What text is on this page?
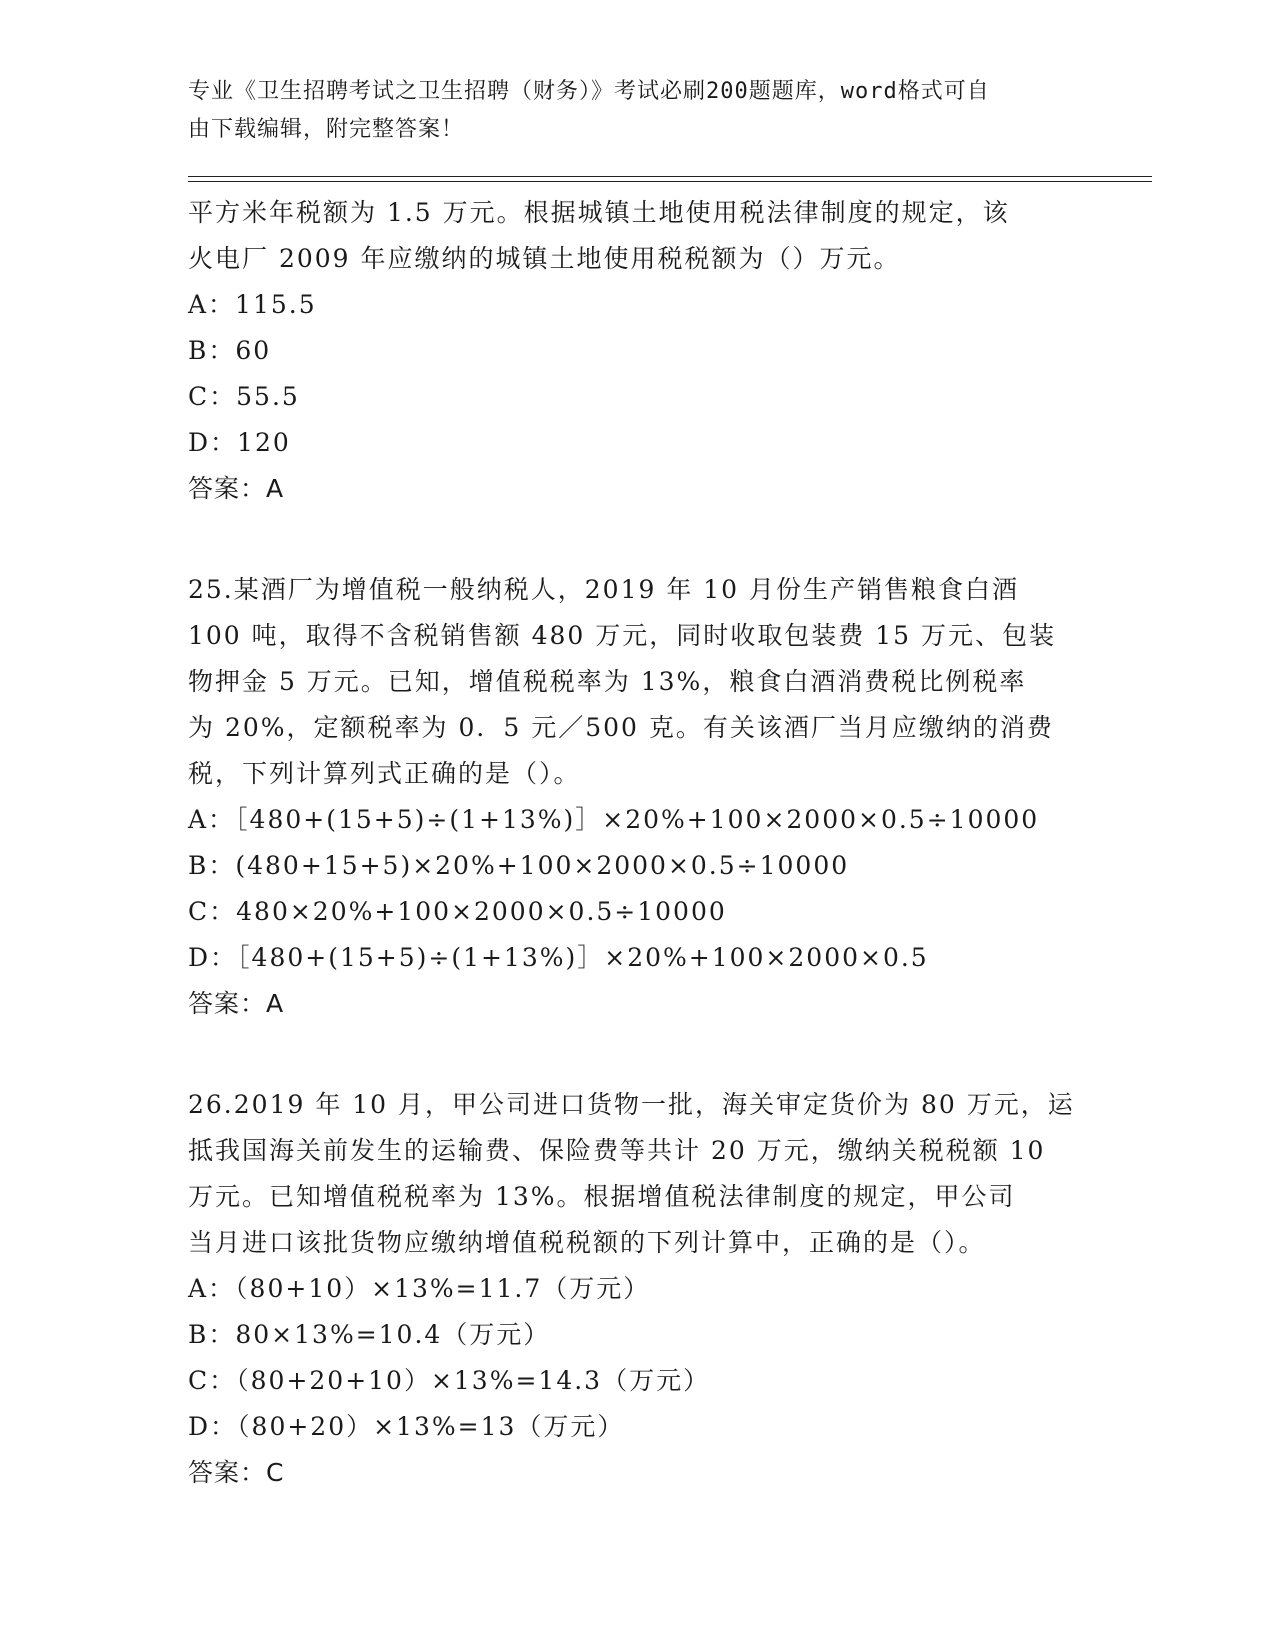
专业《卫生招聘考试之卫生招聘（财务）》考试必刷200题题库，word格式可自
由下载编辑，附完整答案！
平方米年税额为 1.5 万元。根据城镇土地使用税法律制度的规定，该
火电厂 2009 年应缴纳的城镇土地使用税税额为（）万元。
A：115.5
B：60
C：55.5
D：120
答案：A
25.某酒厂为增值税一般纳税人，2019 年 10 月份生产销售粮食白酒
100 吨，取得不含税销售额 480 万元，同时收取包装费 15 万元、包装
物押金 5 万元。已知，增值税税率为 13%，粮食白酒消费税比例税率
为 20%，定额税率为 0．5 元／500 克。有关该酒厂当月应缴纳的消费
税，下列计算列式正确的是（）。
A：［480+(15+5)÷(1+13%)］×20%+100×2000×0.5÷10000
B：(480+15+5)×20%+100×2000×0.5÷10000
C：480×20%+100×2000×0.5÷10000
D：［480+(15+5)÷(1+13%)］×20%+100×2000×0.5
答案：A
26.2019 年 10 月，甲公司进口货物一批，海关审定货价为 80 万元，运
抵我国海关前发生的运输费、保险费等共计 20 万元，缴纳关税税额 10
万元。已知增值税税率为 13%。根据增值税法律制度的规定，甲公司
当月进口该批货物应缴纳增值税税额的下列计算中，正确的是（）。
A：（80+10）×13%=11.7（万元）
B：80×13%=10.4（万元）
C：（80+20+10）×13%=14.3（万元）
D：（80+20）×13%=13（万元）
答案：C
